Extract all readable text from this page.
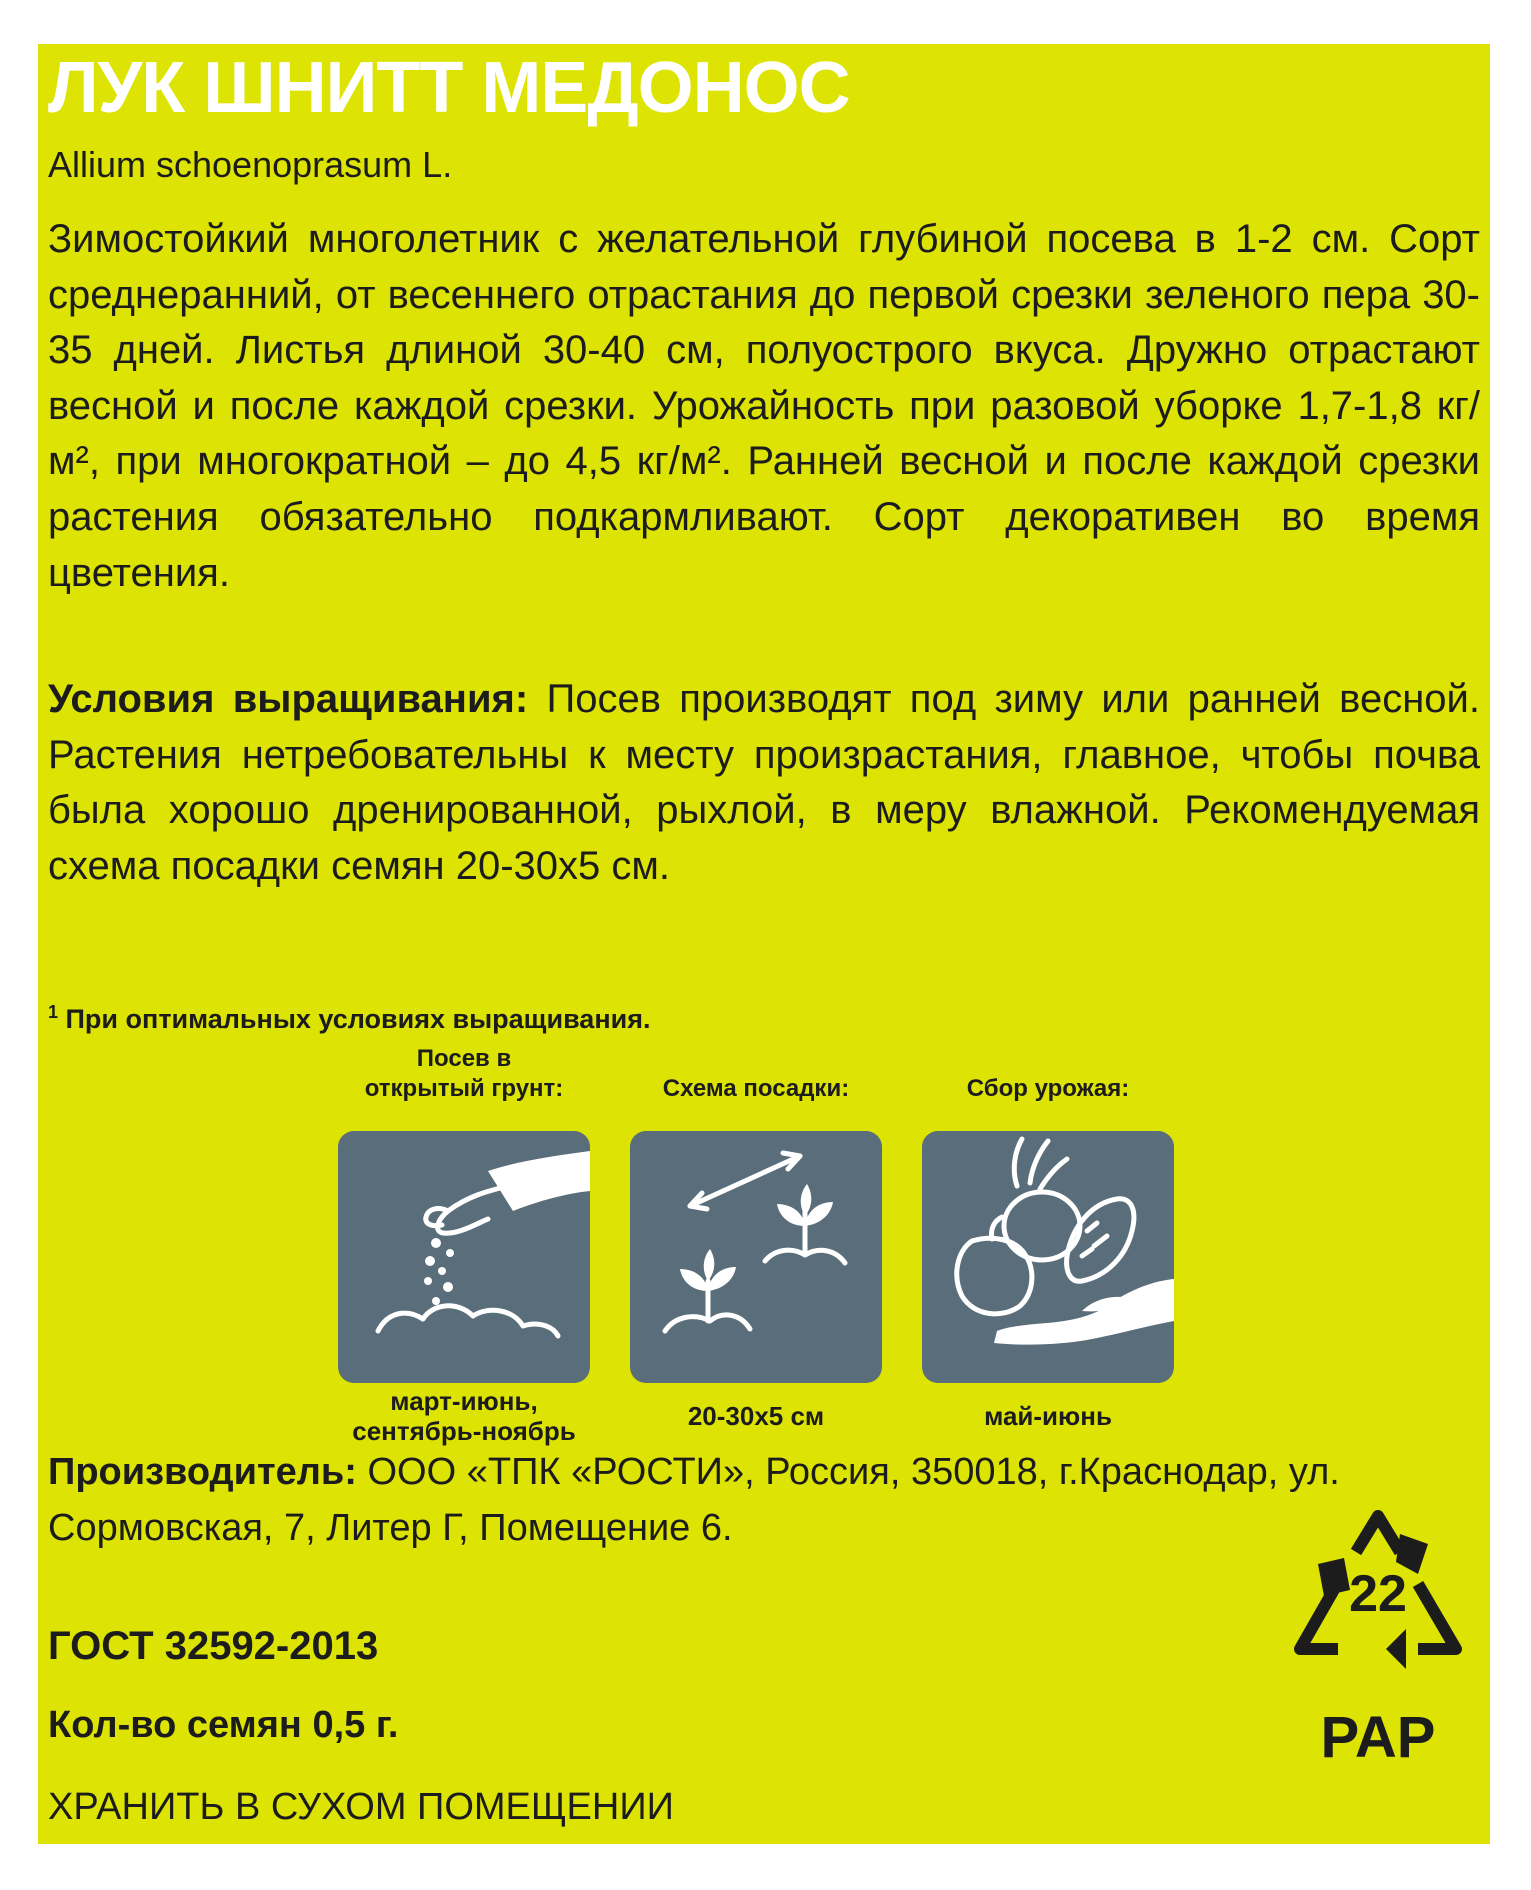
ЛУК ШНИТТ МЕДОНОС
Allium schoenoprasum L.
Зимостойкий многолетник с желательной глубиной посева в 1-2 см. Сорт среднеранний, от весеннего отрастания до первой срезки зеленого пера 30-35 дней. Листья длиной 30-40 см, полуострого вкуса. Дружно отрастают весной и после каждой срезки. Урожайность при разовой уборке 1,7-1,8 кг/ м², при многократной – до 4,5 кг/м². Ранней весной и после каждой срезки растения обязательно подкармливают. Сорт декоративен во время цветения.
Условия выращивания: Посев производят под зиму или ранней весной. Растения нетребовательны к месту произрастания, главное, чтобы почва была хорошо дренированной, рыхлой, в меру влажной. Рекомендуемая схема посадки семян 20-30x5 см.
$^1$ При оптимальных условиях выращивания.
Посев в
открытый грунт:
март-июнь,
сентябрь-ноябрь
Схема посадки:
20-30x5 см
Сбор урожая:
май-июнь
Производитель: ООО «ТПК «РОСТИ», Россия, 350018, г.Краснодар, ул. Сормовская, 7, Литер Г, Помещение 6.
ГОСТ 32592-2013
Кол-во семян 0,5 г.
ХРАНИТЬ В СУХОМ ПОМЕЩЕНИИ
22
PAP
